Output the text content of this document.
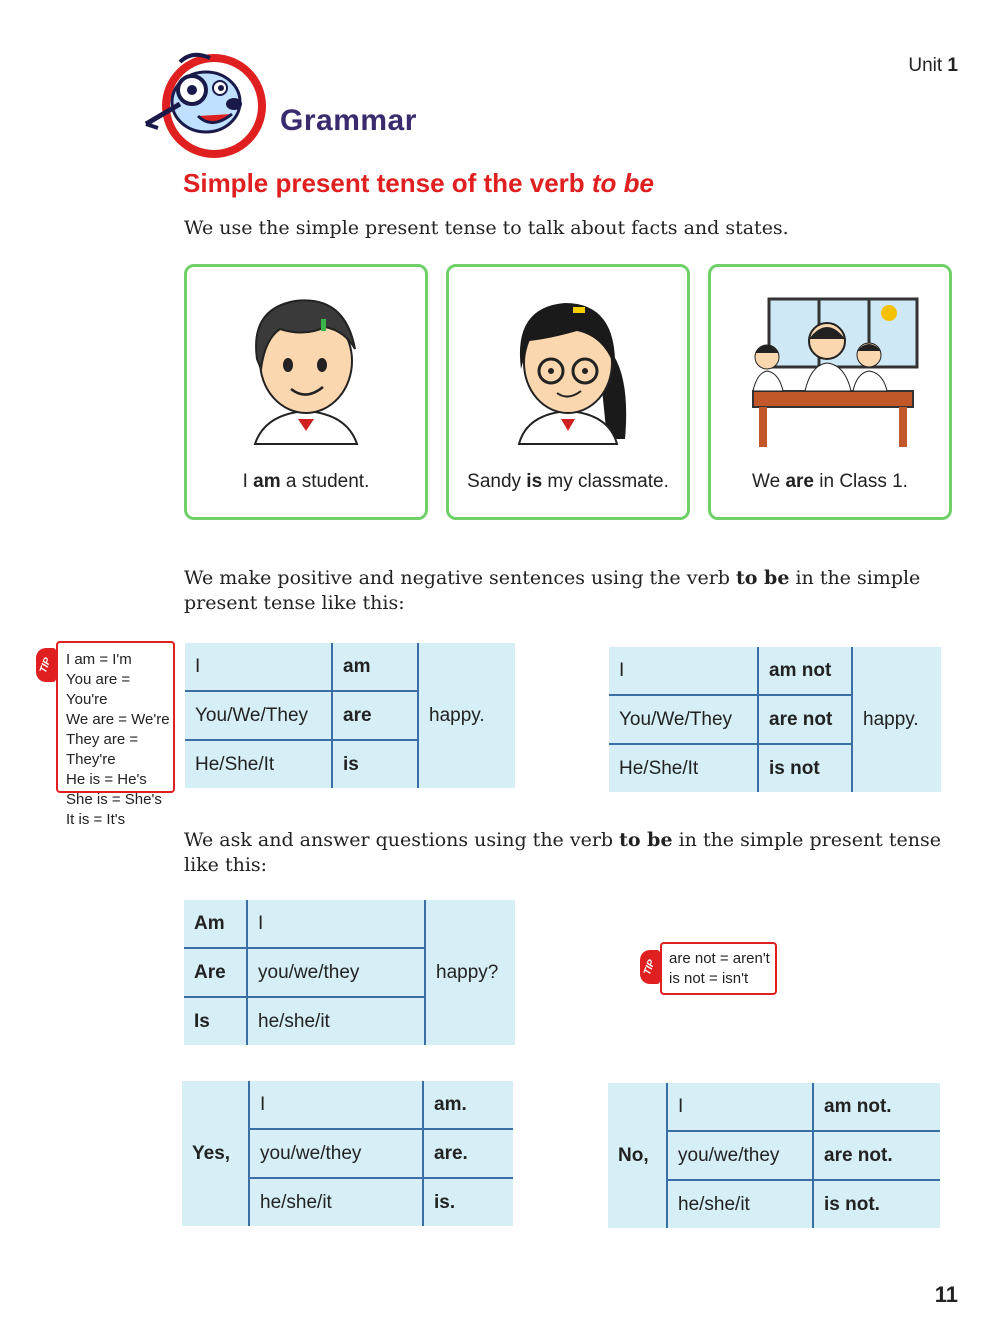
Unit 1
Grammar
Simple present tense of the verb to be
We use the simple present tense to talk about facts and states.
I am a student.	Sandy is my classmate.	We are in Class 1.
We make positive and negative sentences using the verb to be in the simple present tense like this:
TIP I am = I'm
You are = You're
We are = We're
They are = They're
He is = He's
She is = She's
It is = It's
I	am	happy.
You/We/They	are	
He/She/It	is	
I	am not	happy.
You/We/They	are not	
He/She/It	is not	
We ask and answer questions using the verb to be in the simple present tense like this:
Am	I	happy?
Are	you/we/they	
Is	he/she/it	
TIP are not = aren't
is not = isn't
Yes,	I	am.
	you/we/they	are.
	he/she/it	is.
No,	I	am not.
	you/we/they	are not.
	he/she/it	is not.
11
